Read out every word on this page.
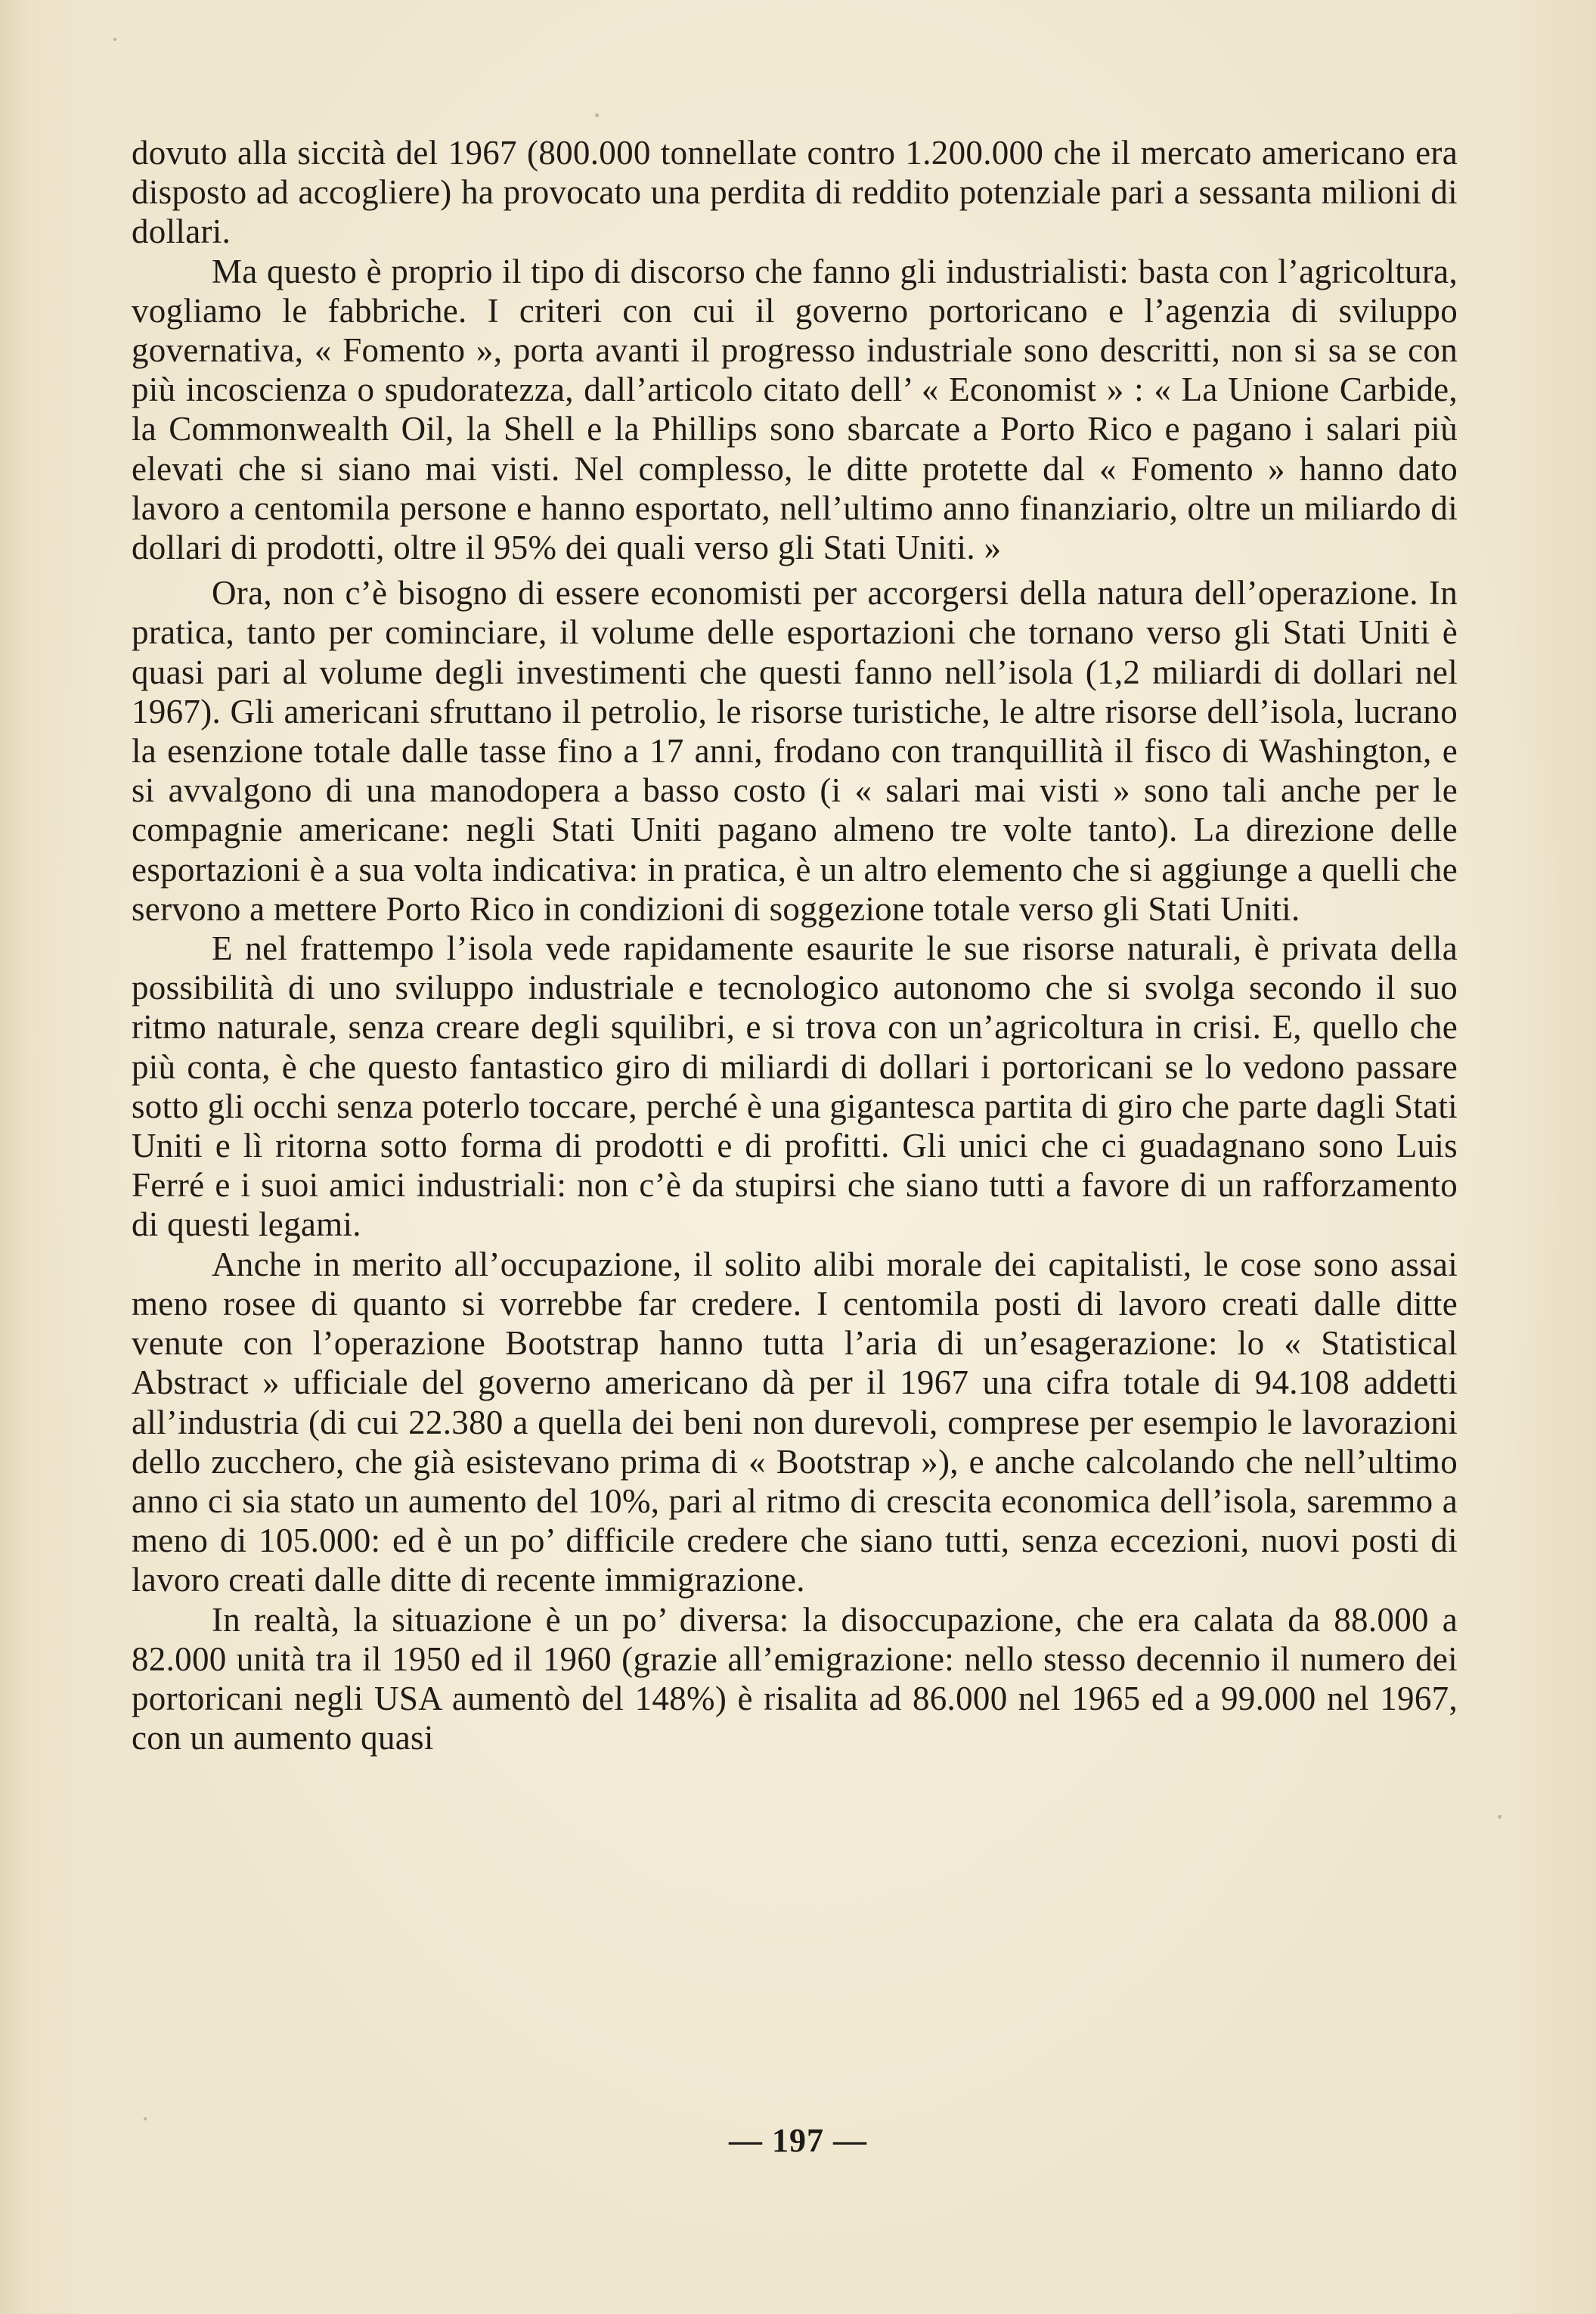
dovuto alla siccità del 1967 (800.000 tonnellate contro 1.200.000 che il mercato americano era disposto ad accogliere) ha provocato una perdita di reddito potenziale pari a sessanta milioni di dollari.

Ma questo è proprio il tipo di discorso che fanno gli industrialisti: basta con l’agricoltura, vogliamo le fabbriche. I criteri con cui il governo portoricano e l’agenzia di sviluppo governativa, « Fomento », porta avanti il progresso industriale sono descritti, non si sa se con più incoscienza o spudoratezza, dall’articolo citato dell’ « Economist » : « La Unione Carbide, la Commonwealth Oil, la Shell e la Phillips sono sbarcate a Porto Rico e pagano i salari più elevati che si siano mai visti. Nel complesso, le ditte protette dal « Fomento » hanno dato lavoro a centomila persone e hanno esportato, nell’ultimo anno finanziario, oltre un miliardo di dollari di prodotti, oltre il 95% dei quali verso gli Stati Uniti. »

Ora, non c’è bisogno di essere economisti per accorgersi della natura dell’operazione. In pratica, tanto per cominciare, il volume delle esportazioni che tornano verso gli Stati Uniti è quasi pari al volume degli investimenti che questi fanno nell’isola (1,2 miliardi di dollari nel 1967). Gli americani sfruttano il petrolio, le risorse turistiche, le altre risorse dell’isola, lucrano la esenzione totale dalle tasse fino a 17 anni, frodano con tranquillità il fisco di Washington, e si avvalgono di una manodopera a basso costo (i « salari mai visti » sono tali anche per le compagnie americane: negli Stati Uniti pagano almeno tre volte tanto). La direzione delle esportazioni è a sua volta indicativa: in pratica, è un altro elemento che si aggiunge a quelli che servono a mettere Porto Rico in condizioni di soggezione totale verso gli Stati Uniti.

E nel frattempo l’isola vede rapidamente esaurite le sue risorse naturali, è privata della possibilità di uno sviluppo industriale e tecnologico autonomo che si svolga secondo il suo ritmo naturale, senza creare degli squilibri, e si trova con un’agricoltura in crisi. E, quello che più conta, è che questo fantastico giro di miliardi di dollari i portoricani se lo vedono passare sotto gli occhi senza poterlo toccare, perché è una gigantesca partita di giro che parte dagli Stati Uniti e lì ritorna sotto forma di prodotti e di profitti. Gli unici che ci guadagnano sono Luis Ferré e i suoi amici industriali: non c’è da stupirsi che siano tutti a favore di un rafforzamento di questi legami.

Anche in merito all’occupazione, il solito alibi morale dei capitalisti, le cose sono assai meno rosee di quanto si vorrebbe far credere. I centomila posti di lavoro creati dalle ditte venute con l’operazione Bootstrap hanno tutta l’aria di un’esagerazione: lo « Statistical Abstract » ufficiale del governo americano dà per il 1967 una cifra totale di 94.108 addetti all’industria (di cui 22.380 a quella dei beni non durevoli, comprese per esempio le lavorazioni dello zucchero, che già esistevano prima di « Bootstrap »), e anche calcolando che nell’ultimo anno ci sia stato un aumento del 10%, pari al ritmo di crescita economica dell’isola, saremmo a meno di 105.000: ed è un po’ difficile credere che siano tutti, senza eccezioni, nuovi posti di lavoro creati dalle ditte di recente immigrazione.

In realtà, la situazione è un po’ diversa: la disoccupazione, che era calata da 88.000 a 82.000 unità tra il 1950 ed il 1960 (grazie all’emigrazione: nello stesso decennio il numero dei portoricani negli USA aumentò del 148%) è risalita ad 86.000 nel 1965 ed a 99.000 nel 1967, con un aumento quasi

— 197 —
